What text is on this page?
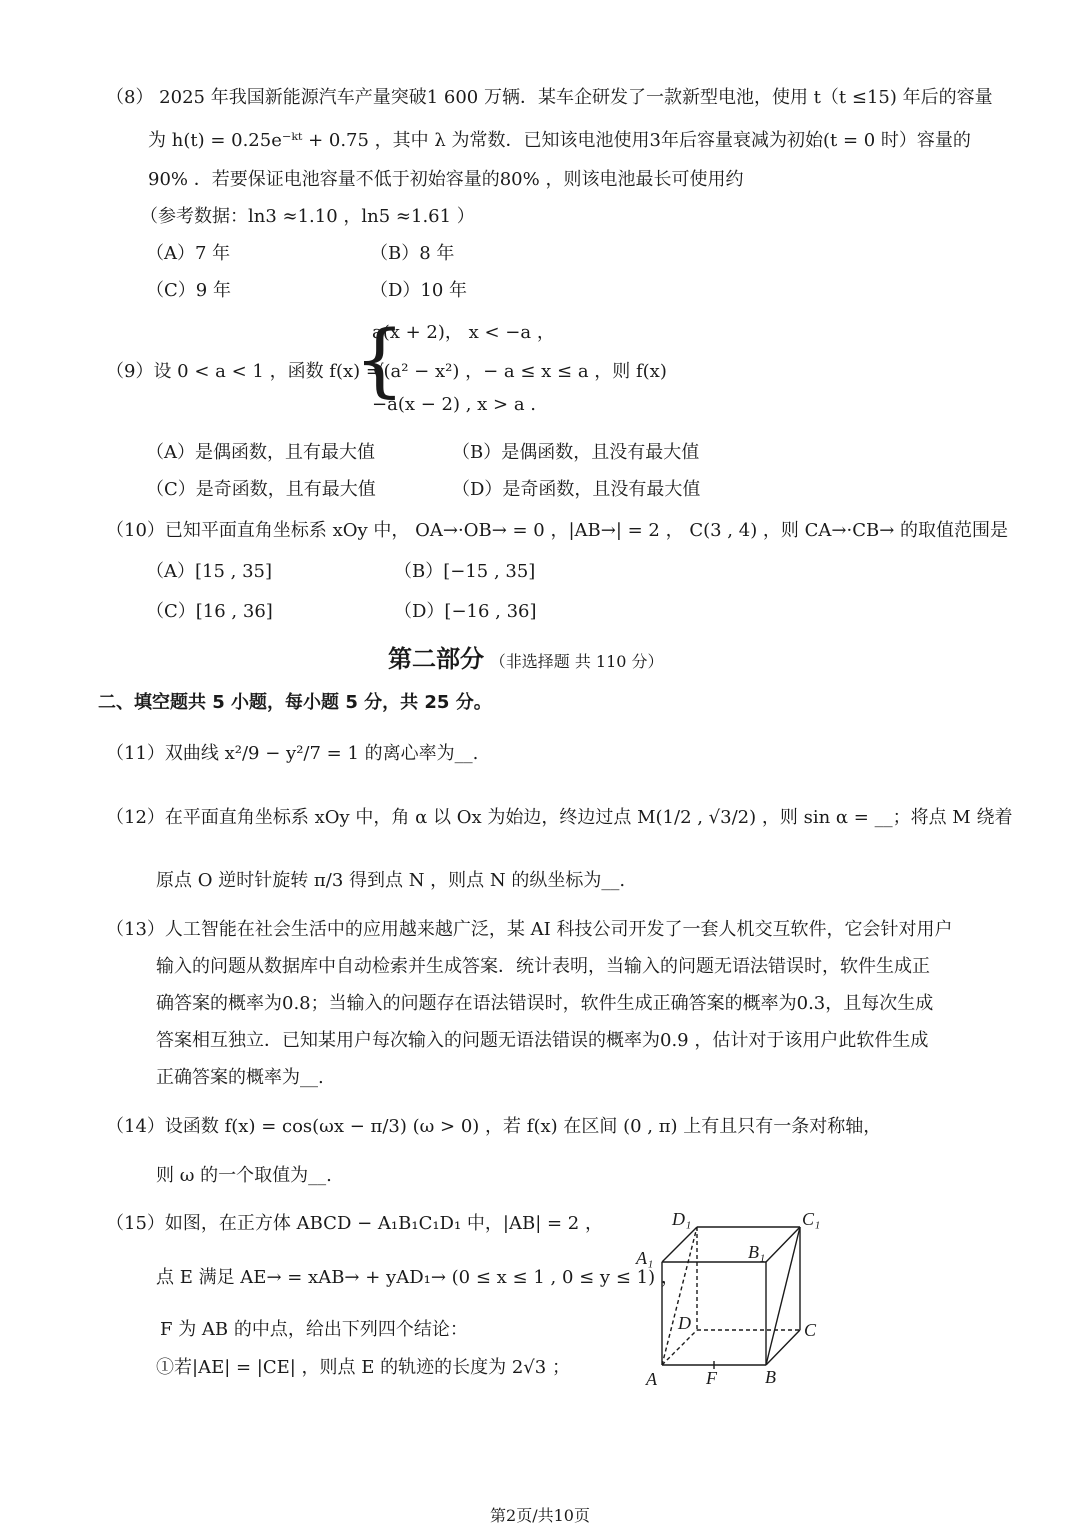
（8） 2025 年我国新能源汽车产量突破1 600 万辆．某车企研发了一款新型电池，使用 t（t ≤15) 年后的容量
为 h(t) = 0.25e⁻ᵏᵗ + 0.75 ，其中 λ 为常数．已知该电池使用3年后容量衰减为初始(t = 0 时）容量的
90% ．若要保证电池容量不低于初始容量的80% ，则该电池最长可使用约
（参考数据：ln3 ≈1.10 ，ln5 ≈1.61 ）
（A）7 年	（B）8 年
（C）9 年	（D）10 年
（9）设 0 < a < 1 ，函数 f(x) =
{
a(x + 2)， x < −a ，
√(a² − x²) ，− a ≤ x ≤ a ，则 f(x)
−a(x − 2) , x > a .
（A）是偶函数，且有最大值	（B）是偶函数，且没有最大值
（C）是奇函数，且有最大值	（D）是奇函数，且没有最大值
（10）已知平面直角坐标系 xOy 中， OA→·OB→ = 0 ，|AB→| = 2 ， C(3 , 4) ，则 CA→·CB→ 的取值范围是
（A）[15 , 35]	（B）[−15 , 35]
（C）[16 , 36]	（D）[−16 , 36]
第二部分 （非选择题 共 110 分）
二、填空题共 5 小题，每小题 5 分，共 25 分。
（11）双曲线 x²/9 − y²/7 = 1 的离心率为__.
（12）在平面直角坐标系 xOy 中，角 α 以 Ox 为始边，终边过点 M(1/2 , √3/2) ，则 sin α = __；将点 M 绕着
原点 O 逆时针旋转 π/3 得到点 N ，则点 N 的纵坐标为__.
（13）人工智能在社会生活中的应用越来越广泛，某 AI 科技公司开发了一套人机交互软件，它会针对用户
输入的问题从数据库中自动检索并生成答案．统计表明，当输入的问题无语法错误时，软件生成正
确答案的概率为0.8；当输入的问题存在语法错误时，软件生成正确答案的概率为0.3，且每次生成
答案相互独立．已知某用户每次输入的问题无语法错误的概率为0.9 ，估计对于该用户此软件生成
正确答案的概率为__.
（14）设函数 f(x) = cos(ωx − π/3) (ω > 0) ，若 f(x) 在区间 (0 , π) 上有且只有一条对称轴，
则 ω 的一个取值为__.
（15）如图，在正方体 ABCD − A₁B₁C₁D₁ 中，|AB| = 2 ，
点 E 满足 AE→ = xAB→ + yAD₁→ (0 ≤ x ≤ 1 , 0 ≤ y ≤ 1) ，
F 为 AB 的中点，给出下列四个结论：
①若|AE| = |CE| ，则点 E 的轨迹的长度为 2√3 ；
D₁	C₁
A₁	B₁
D	C
A	F	B
第2页/共10页
